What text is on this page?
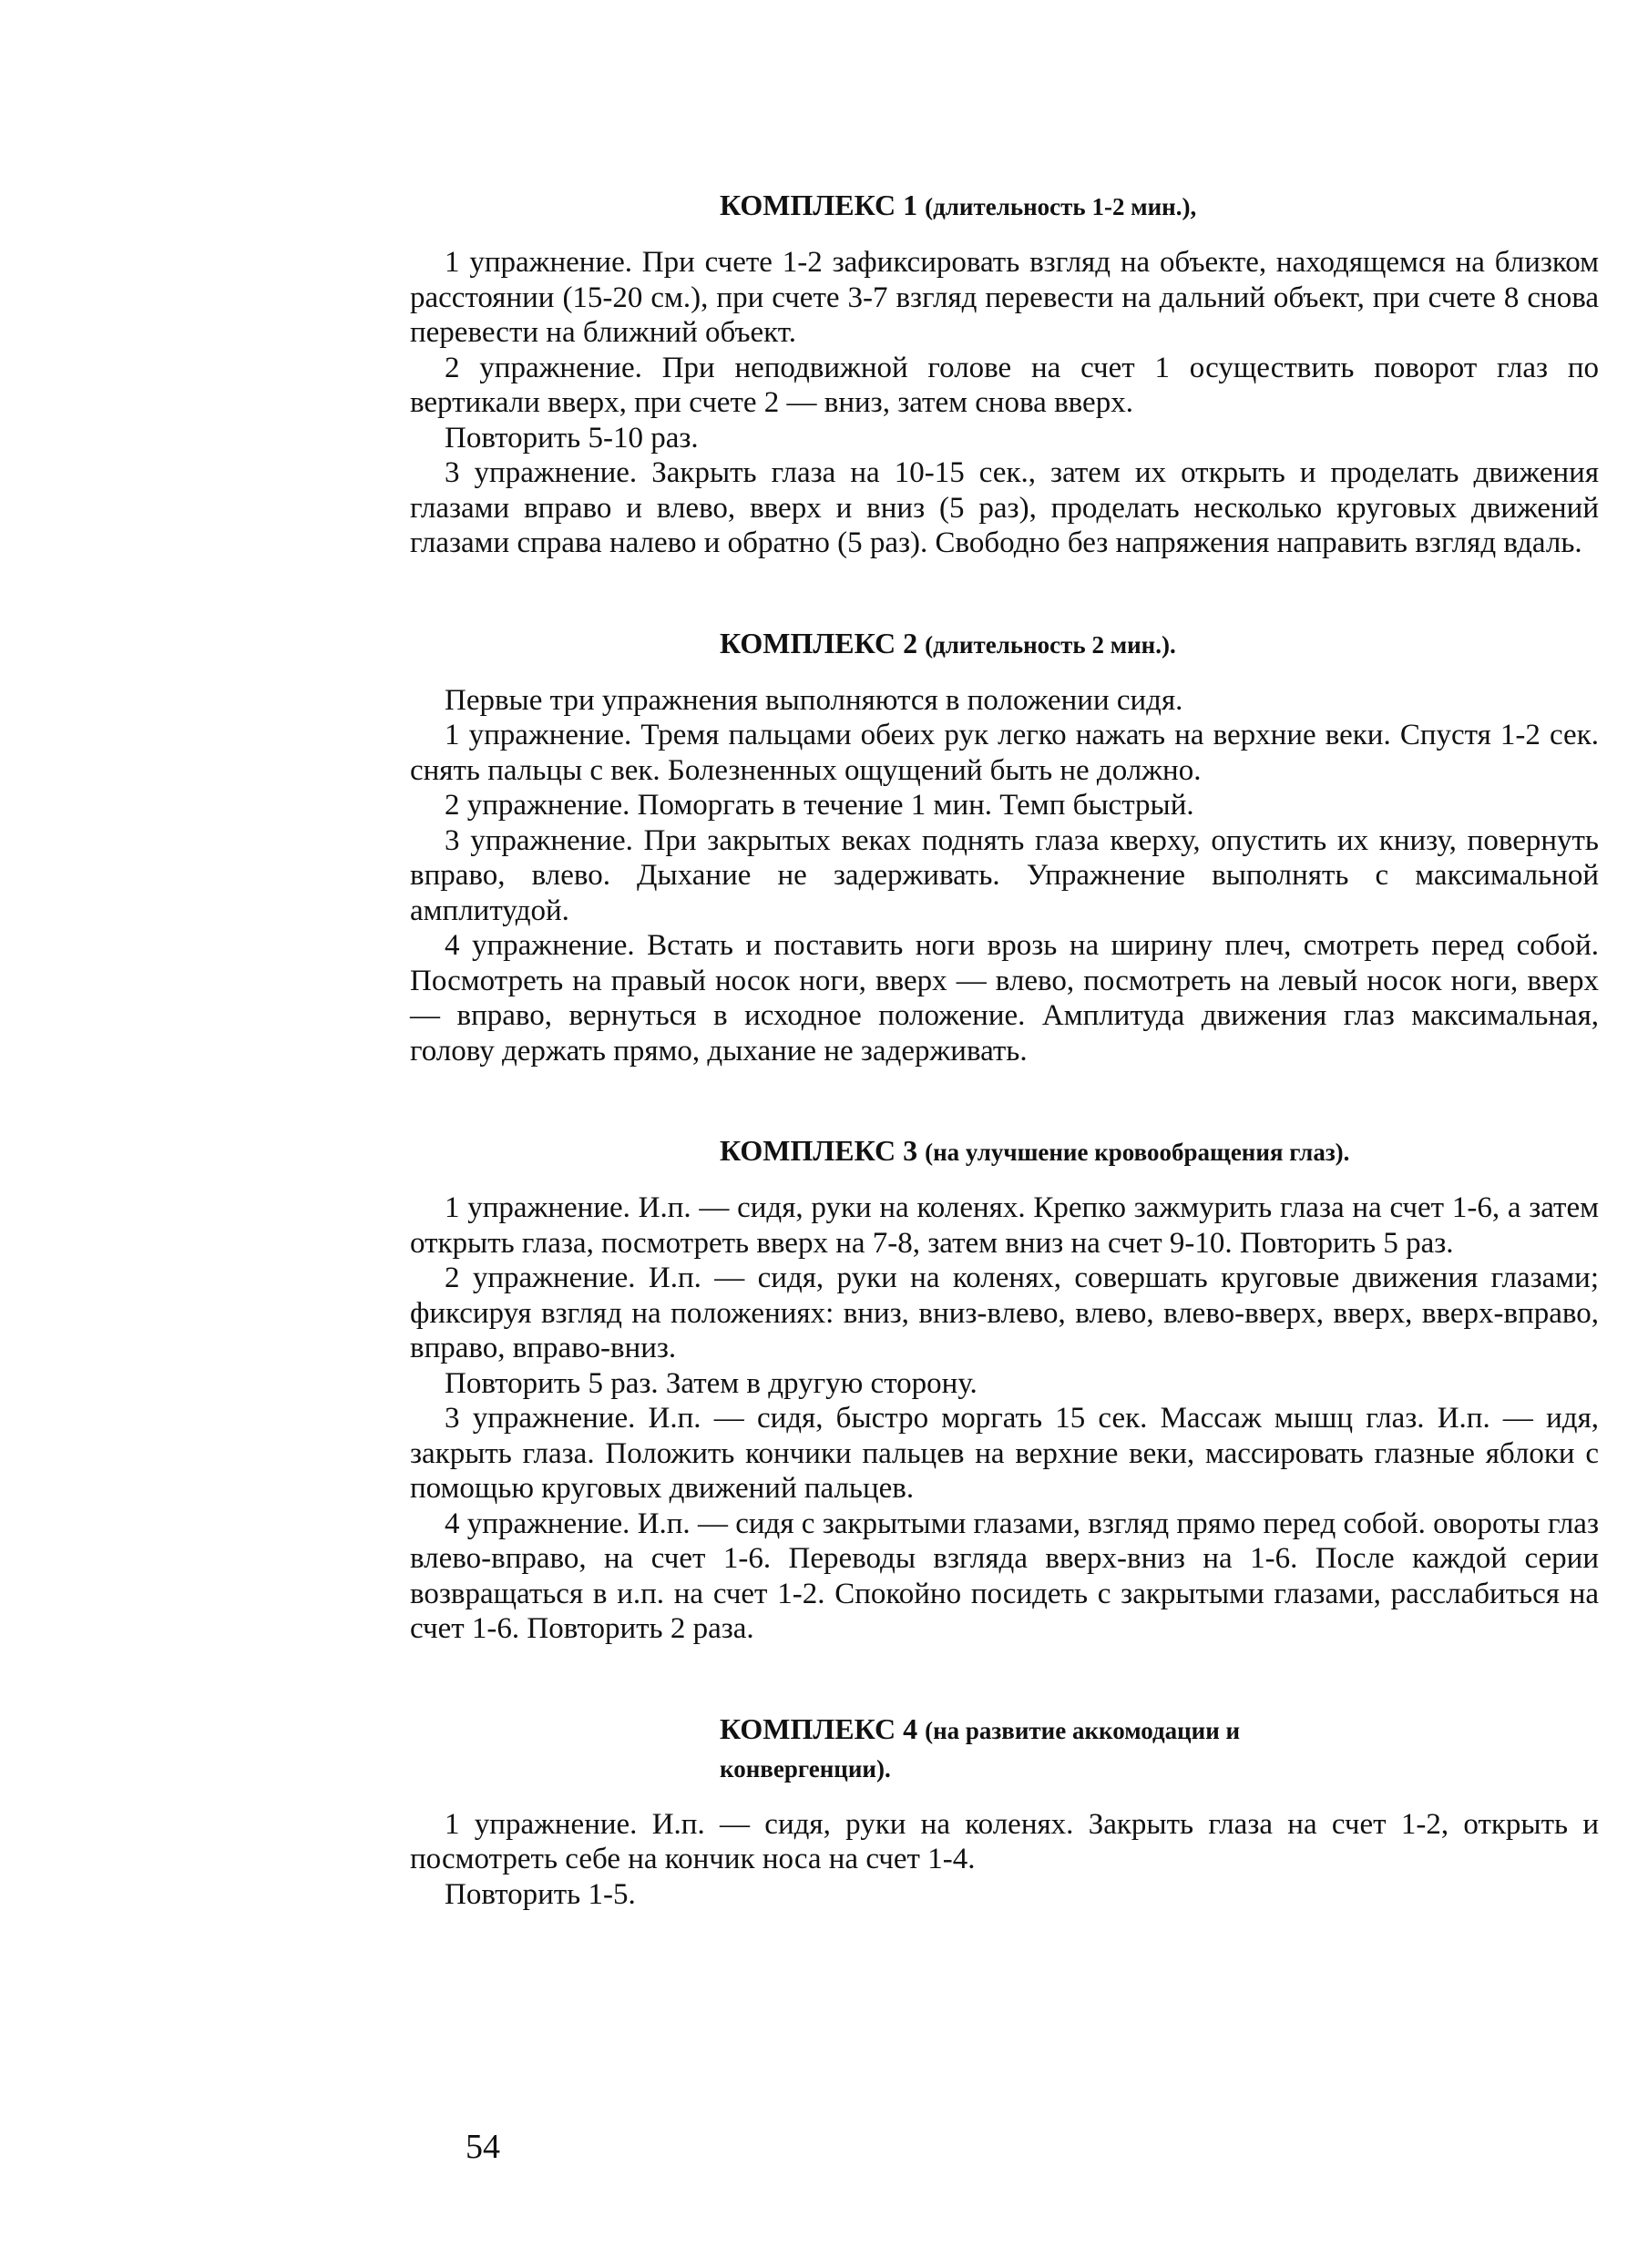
КОМПЛЕКС 1 (длительность 1-2 мин.),

1 упражнение. При счете 1-2 зафиксировать взгляд на объекте, находящемся на близком расстоянии (15-20 см.), при счете 3-7 взгляд перевести на дальний объект, при счете 8 снова перевести на ближний объект.

2 упражнение. При неподвижной голове на счет 1 осуществить поворот глаз по вертикали вверх, при счете 2 — вниз, затем снова вверх.

Повторить 5-10 раз.

3 упражнение. Закрыть глаза на 10-15 сек., затем их открыть и проделать движения глазами вправо и влево, вверх и вниз (5 раз), проделать несколько круговых движений глазами справа налево и обратно (5 раз). Свободно без напряжения направить взгляд вдаль.

КОМПЛЕКС 2 (длительность 2 мин.).

Первые три упражнения выполняются в положении сидя.

1 упражнение. Тремя пальцами обеих рук легко нажать на верхние веки. Спустя 1-2 сек. снять пальцы с век. Болезненных ощущений быть не должно.

2 упражнение. Поморгать в течение 1 мин. Темп быстрый.

3 упражнение. При закрытых веках поднять глаза кверху, опустить их книзу, повернуть вправо, влево. Дыхание не задерживать. Упражнение выполнять с максимальной амплитудой.

4 упражнение. Встать и поставить ноги врозь на ширину плеч, смотреть перед собой. Посмотреть на правый носок ноги, вверх — влево, посмотреть на левый носок ноги, вверх — вправо, вернуться в исходное положение. Амплитуда движения глаз максимальная, голову держать прямо, дыхание не задерживать.

КОМПЛЕКС 3 (на улучшение кровообращения глаз).

1 упражнение. И.п. — сидя, руки на коленях. Крепко зажмурить глаза на счет 1-6, а затем открыть глаза, посмотреть вверх на 7-8, затем вниз на счет 9-10. Повторить 5 раз.

2 упражнение. И.п. — сидя, руки на коленях, совершать круговые движения глазами; фиксируя взгляд на положениях: вниз, вниз-влево, влево, влево-вверх, вверх, вверх-вправо, вправо, вправо-вниз.

Повторить 5 раз. Затем в другую сторону.

3 упражнение. И.п. — сидя, быстро моргать 15 сек. Массаж мышц глаз. И.п. — идя, закрыть глаза. Положить кончики пальцев на верхние веки, массировать глазные яблоки с помощью круговых движений пальцев.

4 упражнение. И.п. — сидя с закрытыми глазами, взгляд прямо перед собой. овороты глаз влево-вправо, на счет 1-6. Переводы взгляда вверх-вниз на 1-6. После каждой серии возвращаться в и.п. на счет 1-2. Спокойно посидеть с закрытыми глазами, расслабиться на счет 1-6. Повторить 2 раза.

КОМПЛЕКС 4 (на развитие аккомодации и конвергенции).

1 упражнение. И.п. — сидя, руки на коленях. Закрыть глаза на счет 1-2, открыть и посмотреть себе на кончик носа на счет 1-4.

Повторить 1-5.

54
